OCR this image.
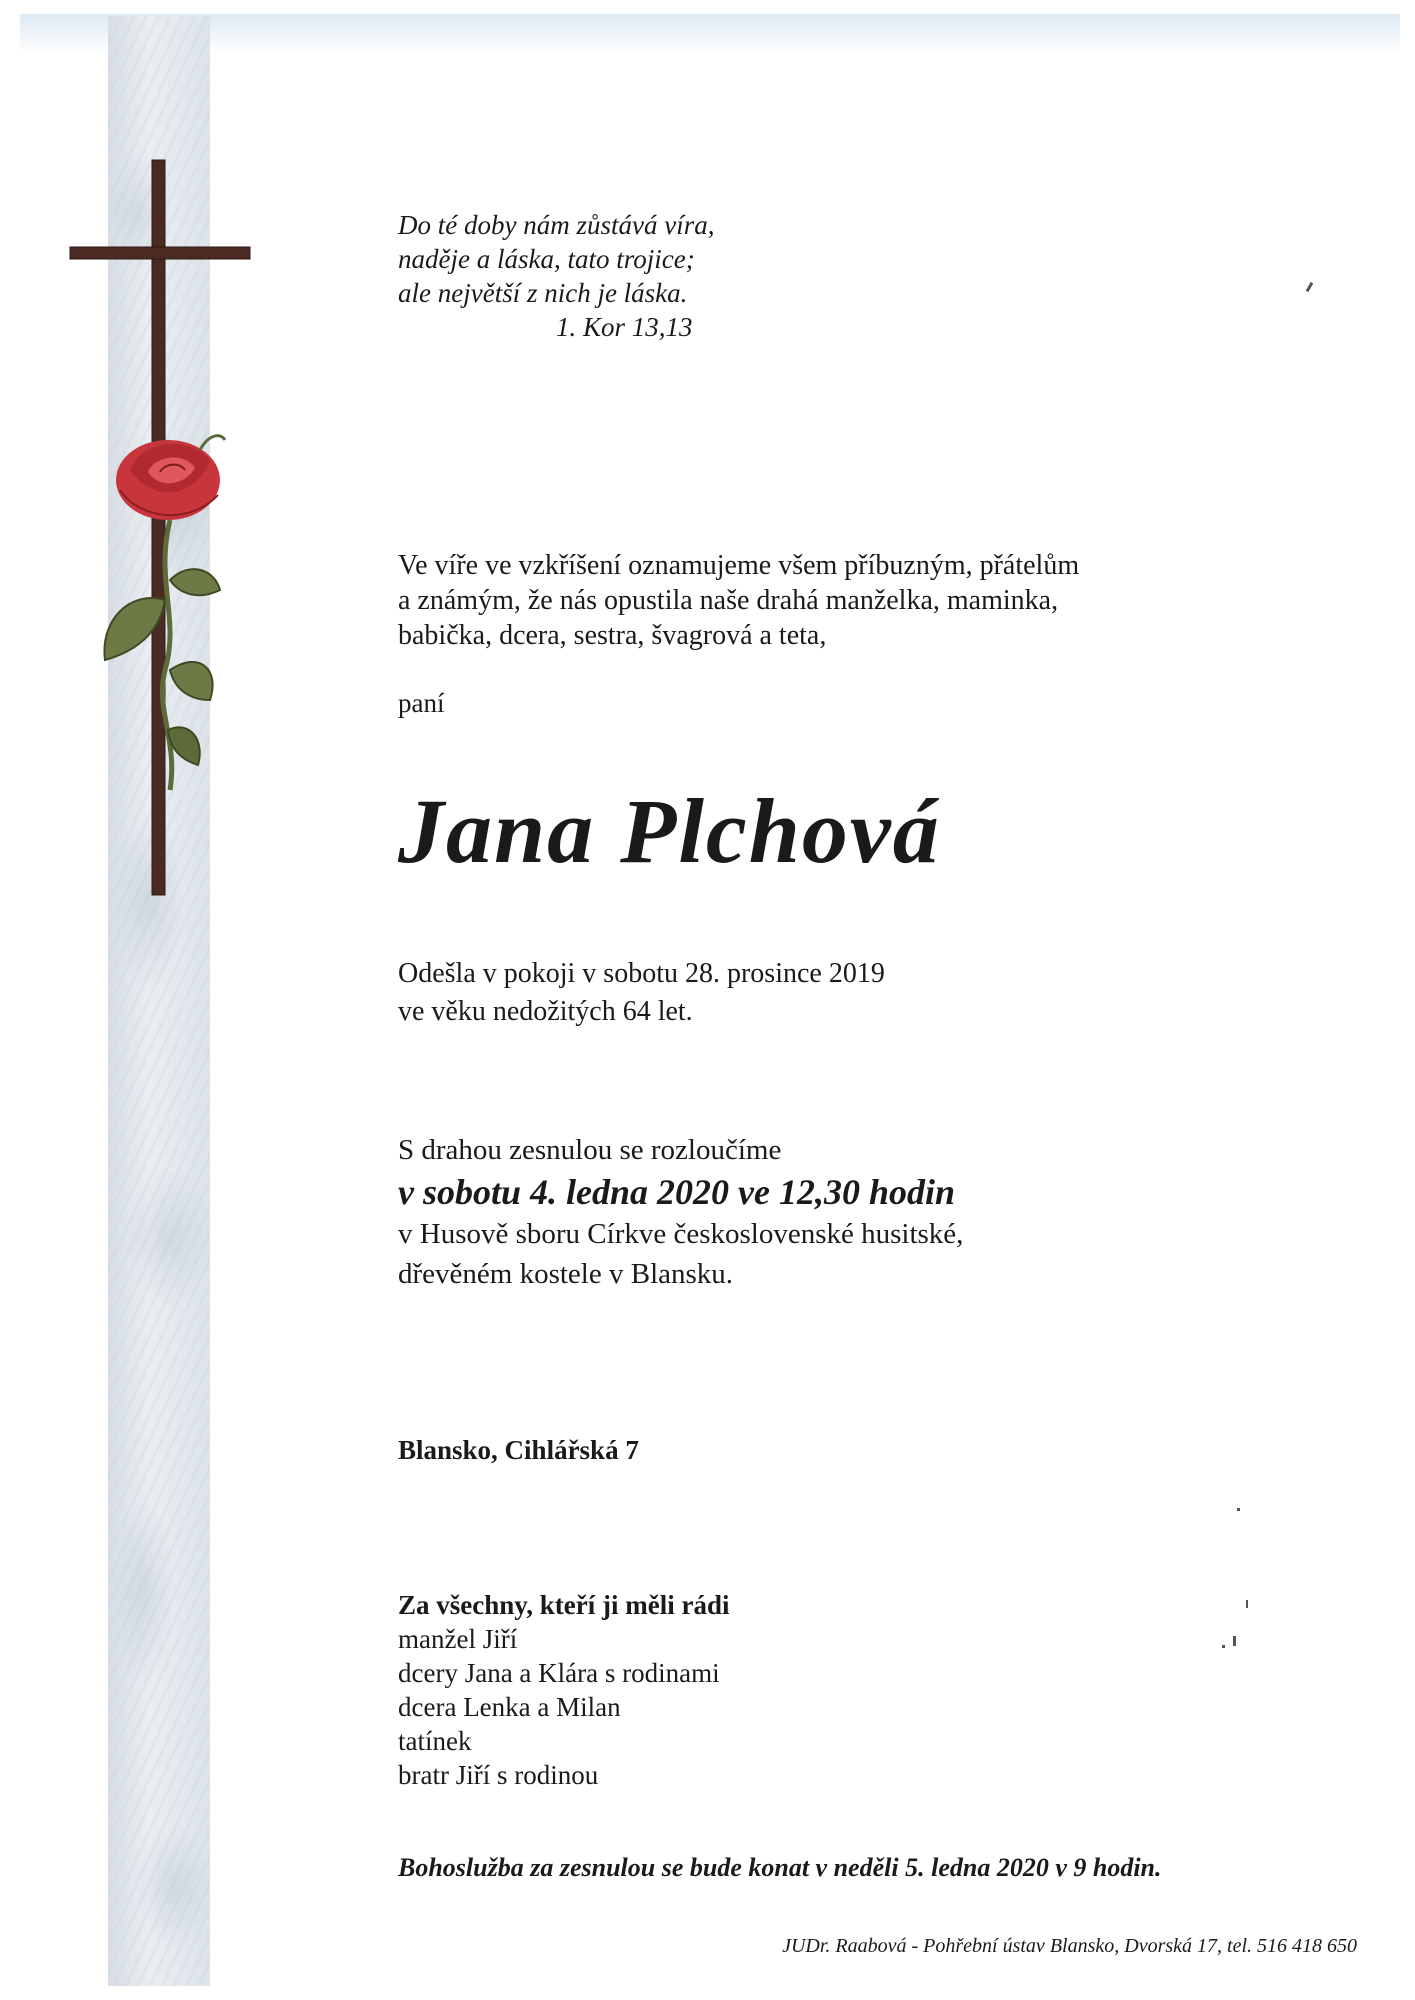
Do té doby nám zůstává víra,
naděje a láska, tato trojice;
ale největší z nich je láska.
1. Kor 13,13
Ve víře ve vzkříšení oznamujeme všem příbuzným, přátelům
a známým, že nás opustila naše drahá manželka, maminka,
babička, dcera, sestra, švagrová a teta,
paní
Jana Plchová
Odešla v pokoji v sobotu 28. prosince 2019
ve věku nedožitých 64 let.
S drahou zesnulou se rozloučíme
v sobotu 4. ledna 2020 ve 12,30 hodin
v Husově sboru Církve československé husitské,
dřevěném kostele v Blansku.
Blansko, Cihlářská 7
Za všechny, kteří ji měli rádi
manžel Jiří
dcery Jana a Klára s rodinami
dcera Lenka a Milan
tatínek
bratr Jiří s rodinou
Bohoslužba za zesnulou se bude konat v neděli 5. ledna 2020 v 9 hodin.
JUDr. Raabová - Pohřební ústav Blansko, Dvorská 17, tel. 516 418 650
